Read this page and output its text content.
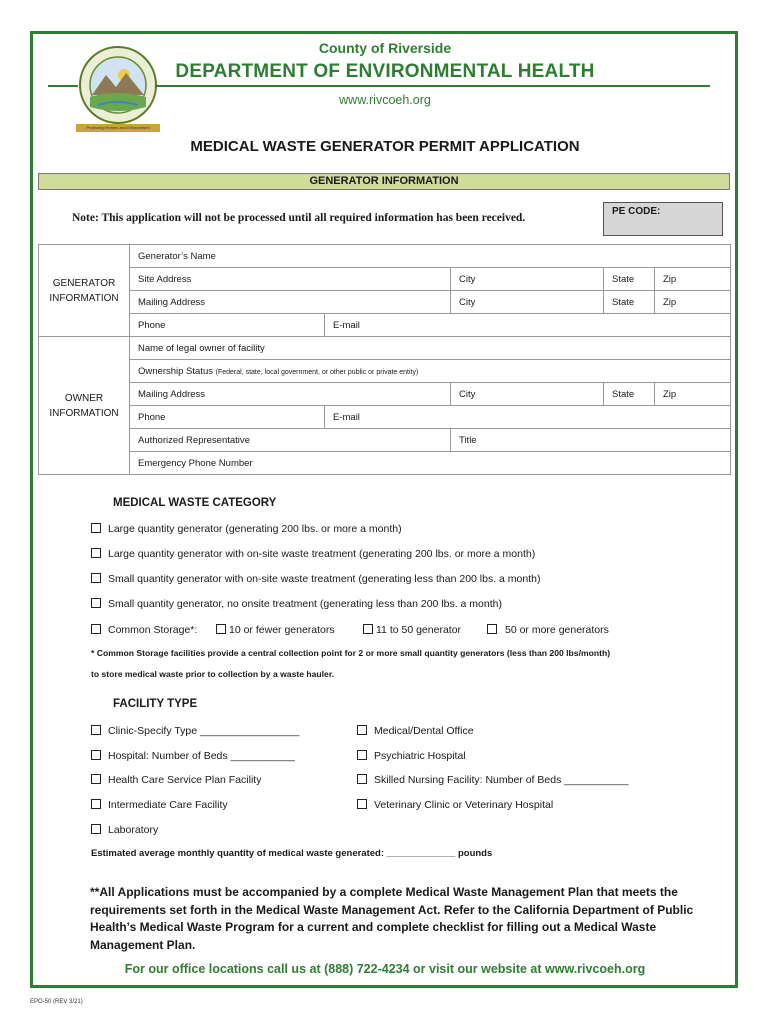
Protecting Homes and Environment
County of Riverside
DEPARTMENT OF ENVIRONMENTAL HEALTH
www.rivcoeh.org
MEDICAL WASTE GENERATOR PERMIT APPLICATION
GENERATOR INFORMATION
Note: This application will not be processed until all required information has been received.
PE CODE:
GENERATOR
INFORMATION	Generator’s Name				
	Site Address		City	State	Zip
	Mailing Address		City	State	Zip
	Phone	E-mail			
OWNER
INFORMATION	Name of legal owner of facility				
	Ownership Status (Federal, state, local government, or other public or private entity)				
	Mailing Address		City	State	Zip
	Phone	E-mail			
	Authorized Representative		Title		
	Emergency Phone Number				
MEDICAL WASTE CATEGORY
Large quantity generator (generating 200 lbs. or more a month)
Large quantity generator with on-site waste treatment (generating 200 lbs. or more a month)
Small quantity generator with on-site waste treatment (generating less than 200 lbs. a month)
Small quantity generator, no onsite treatment (generating less than 200 lbs. a month)
Common Storage*:	10 or fewer generators	11 to 50 generator	50 or more generators
* Common Storage facilities provide a central collection point for 2 or more small quantity generators (less than 200 lbs/month)
to store medical waste prior to collection by a waste hauler.
FACILITY TYPE
Clinic-Specify Type _________________
Hospital: Number of Beds ___________
Health Care Service Plan Facility
Intermediate Care Facility
Laboratory
Medical/Dental Office
Psychiatric Hospital
Skilled Nursing Facility: Number of Beds ___________
Veterinary Clinic or Veterinary Hospital
Estimated average monthly quantity of medical waste generated: _____________ pounds
**All Applications must be accompanied by a complete Medical Waste Management Plan that meets the requirements set forth in the Medical Waste Management Act. Refer to the California Department of Public Health’s Medical Waste Program for a current and complete checklist for filling out a Medical Waste Management Plan.
For our office locations call us at (888) 722-4234 or visit our website at www.rivcoeh.org
EPO-50 (REV 3/21)
